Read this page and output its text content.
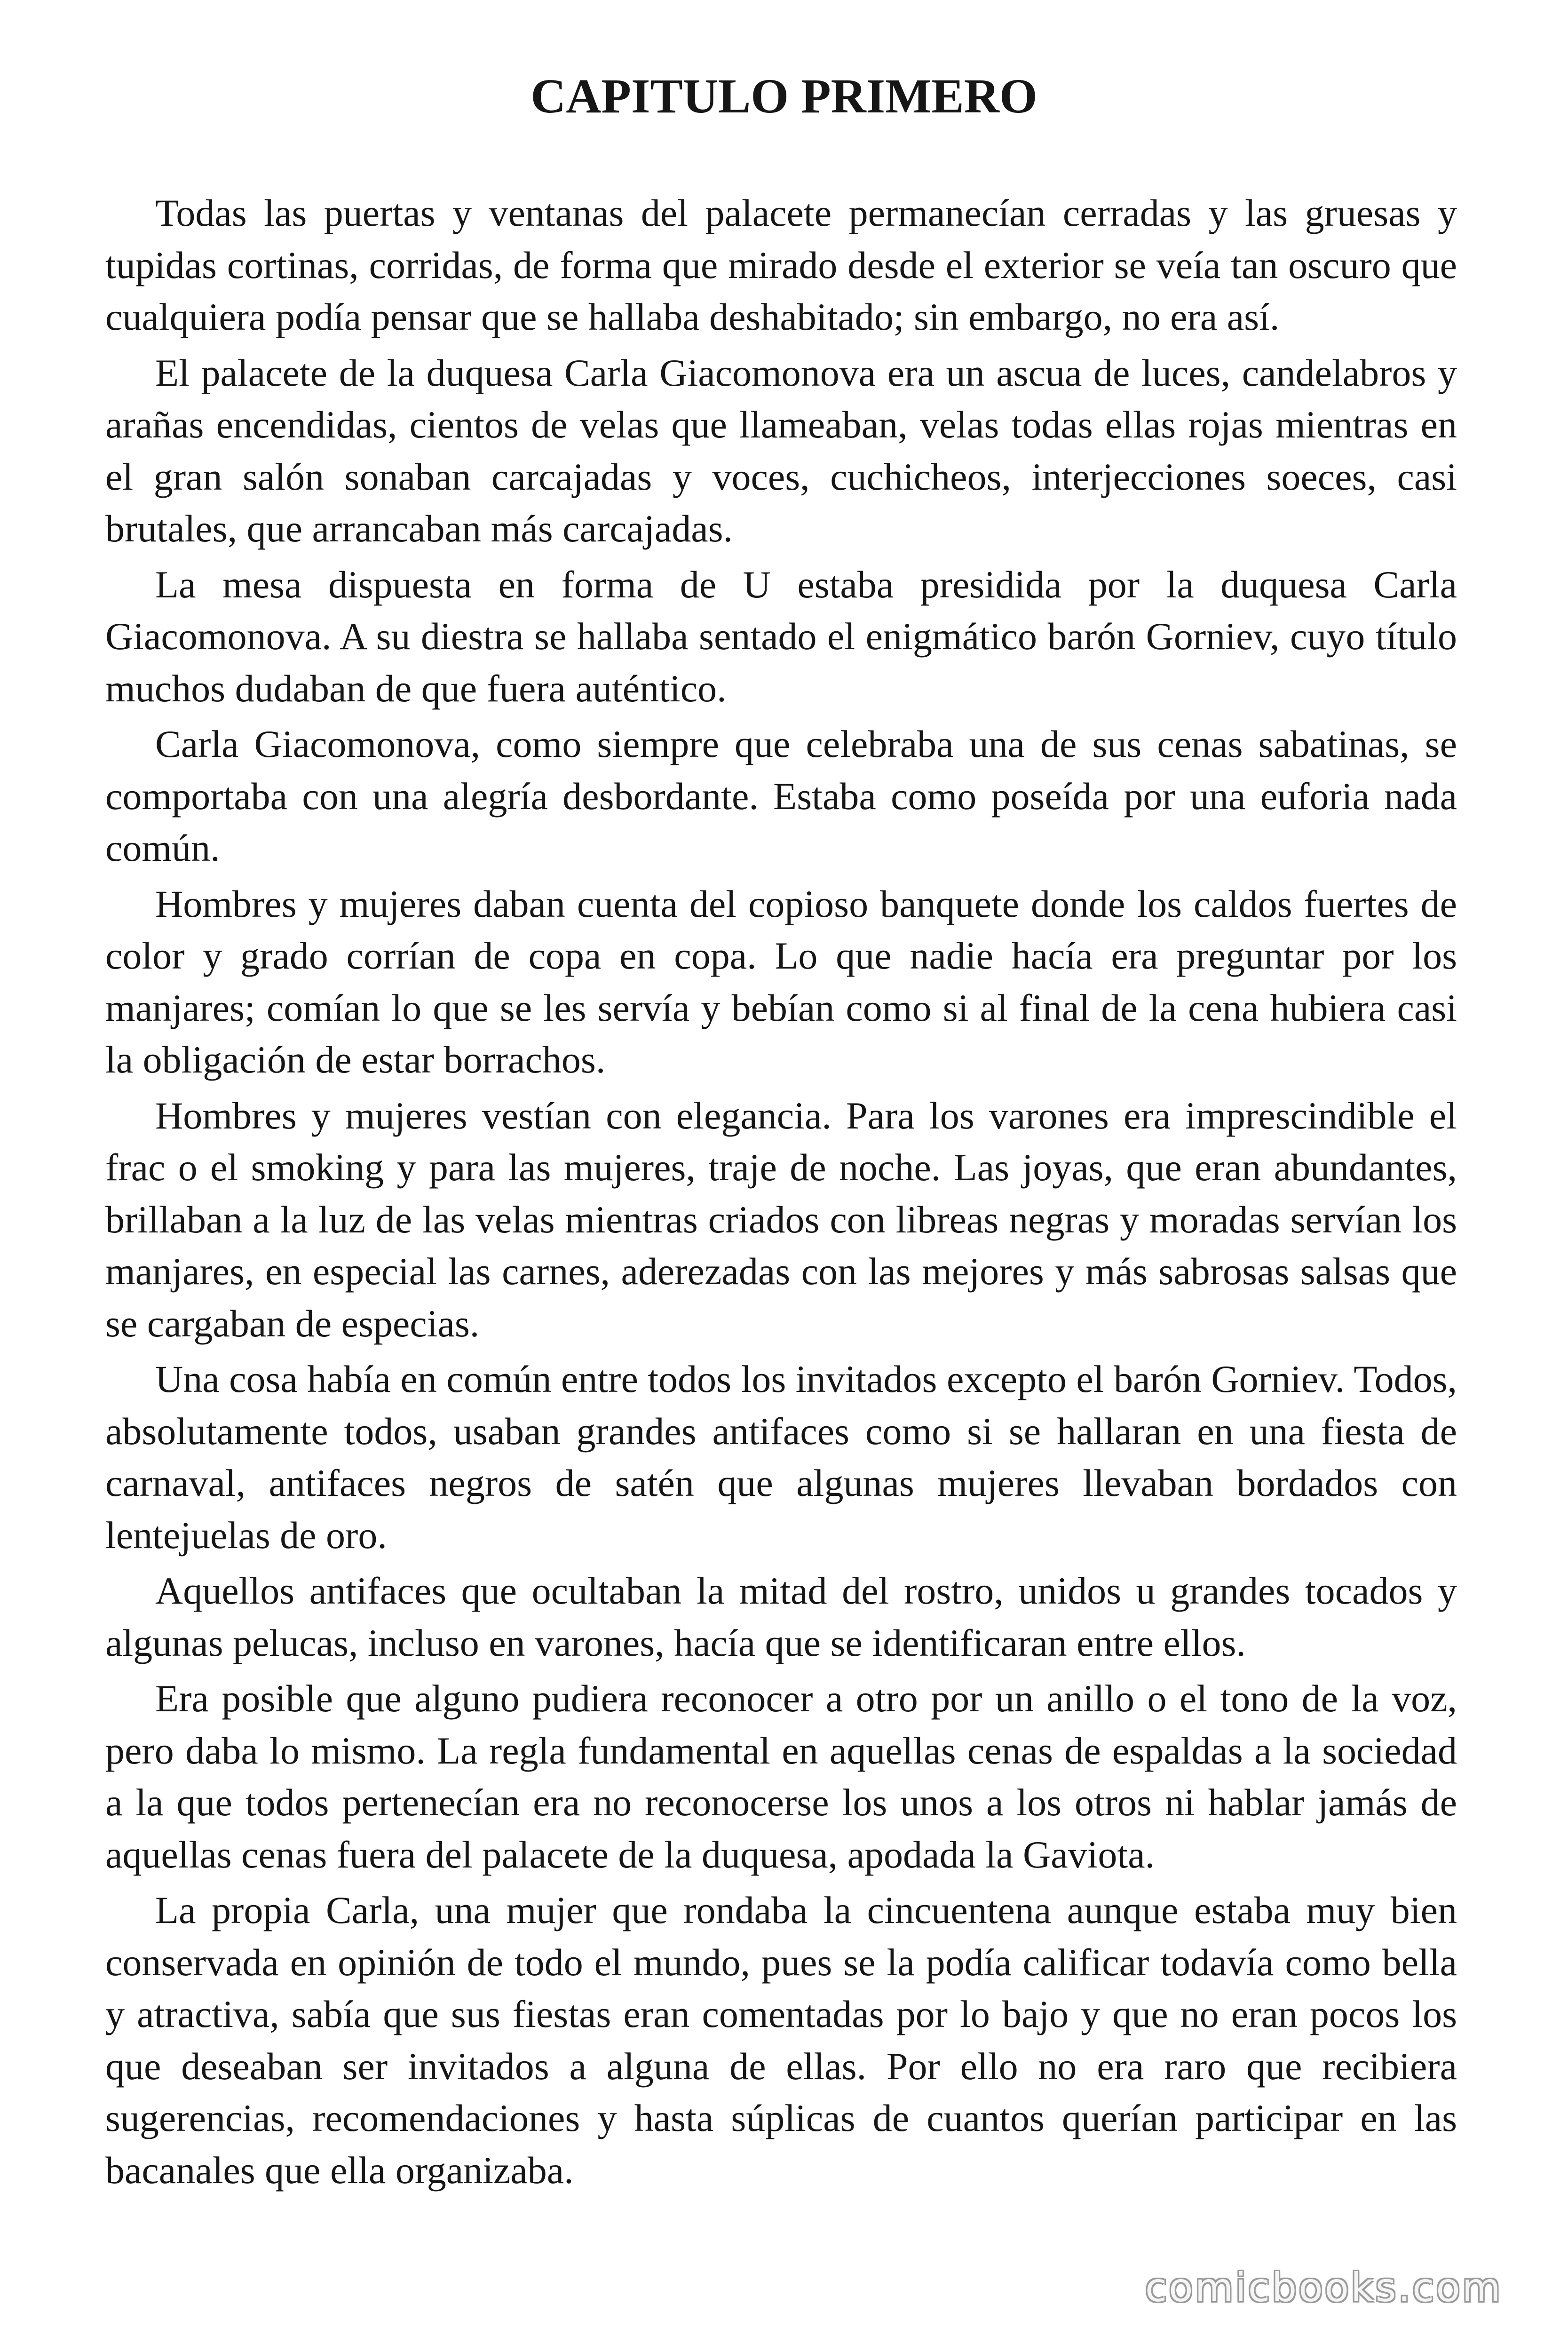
CAPITULO PRIMERO

Todas las puertas y ventanas del palacete permanecían cerradas y las gruesas y tupidas cortinas, corridas, de forma que mirado desde el exterior se veía tan oscuro que cualquiera podía pensar que se hallaba deshabitado; sin embargo, no era así.

El palacete de la duquesa Carla Giacomonova era un ascua de luces, candelabros y arañas encendidas, cientos de velas que llameaban, velas todas ellas rojas mientras en el gran salón sonaban carcajadas y voces, cuchicheos, interjecciones soeces, casi brutales, que arrancaban más carcajadas.

La mesa dispuesta en forma de U estaba presidida por la duquesa Carla Giacomonova. A su diestra se hallaba sentado el enigmático barón Gorniev, cuyo título muchos dudaban de que fuera auténtico.

Carla Giacomonova, como siempre que celebraba una de sus cenas sabatinas, se comportaba con una alegría desbordante. Estaba como poseída por una euforia nada común.

Hombres y mujeres daban cuenta del copioso banquete donde los caldos fuertes de color y grado corrían de copa en copa. Lo que nadie hacía era preguntar por los manjares; comían lo que se les servía y bebían como si al final de la cena hubiera casi la obligación de estar borrachos.

Hombres y mujeres vestían con elegancia. Para los varones era imprescindible el frac o el smoking y para las mujeres, traje de noche. Las joyas, que eran abundantes, brillaban a la luz de las velas mientras criados con libreas negras y moradas servían los manjares, en especial las carnes, aderezadas con las mejores y más sabrosas salsas que se cargaban de especias.

Una cosa había en común entre todos los invitados excepto el barón Gorniev. Todos, absolutamente todos, usaban grandes antifaces como si se hallaran en una fiesta de carnaval, antifaces negros de satén que algunas mujeres llevaban bordados con lentejuelas de oro.

Aquellos antifaces que ocultaban la mitad del rostro, unidos u grandes tocados y algunas pelucas, incluso en varones, hacía que se identificaran entre ellos.

Era posible que alguno pudiera reconocer a otro por un anillo o el tono de la voz, pero daba lo mismo. La regla fundamental en aquellas cenas de espaldas a la sociedad a la que todos pertenecían era no reconocerse los unos a los otros ni hablar jamás de aquellas cenas fuera del palacete de la duquesa, apodada la Gaviota.

La propia Carla, una mujer que rondaba la cincuentena aunque estaba muy bien conservada en opinión de todo el mundo, pues se la podía calificar todavía como bella y atractiva, sabía que sus fiestas eran comentadas por lo bajo y que no eran pocos los que deseaban ser invitados a alguna de ellas. Por ello no era raro que recibiera sugerencias, recomendaciones y hasta súplicas de cuantos querían participar en las bacanales que ella organizaba.

comicbooks.com
